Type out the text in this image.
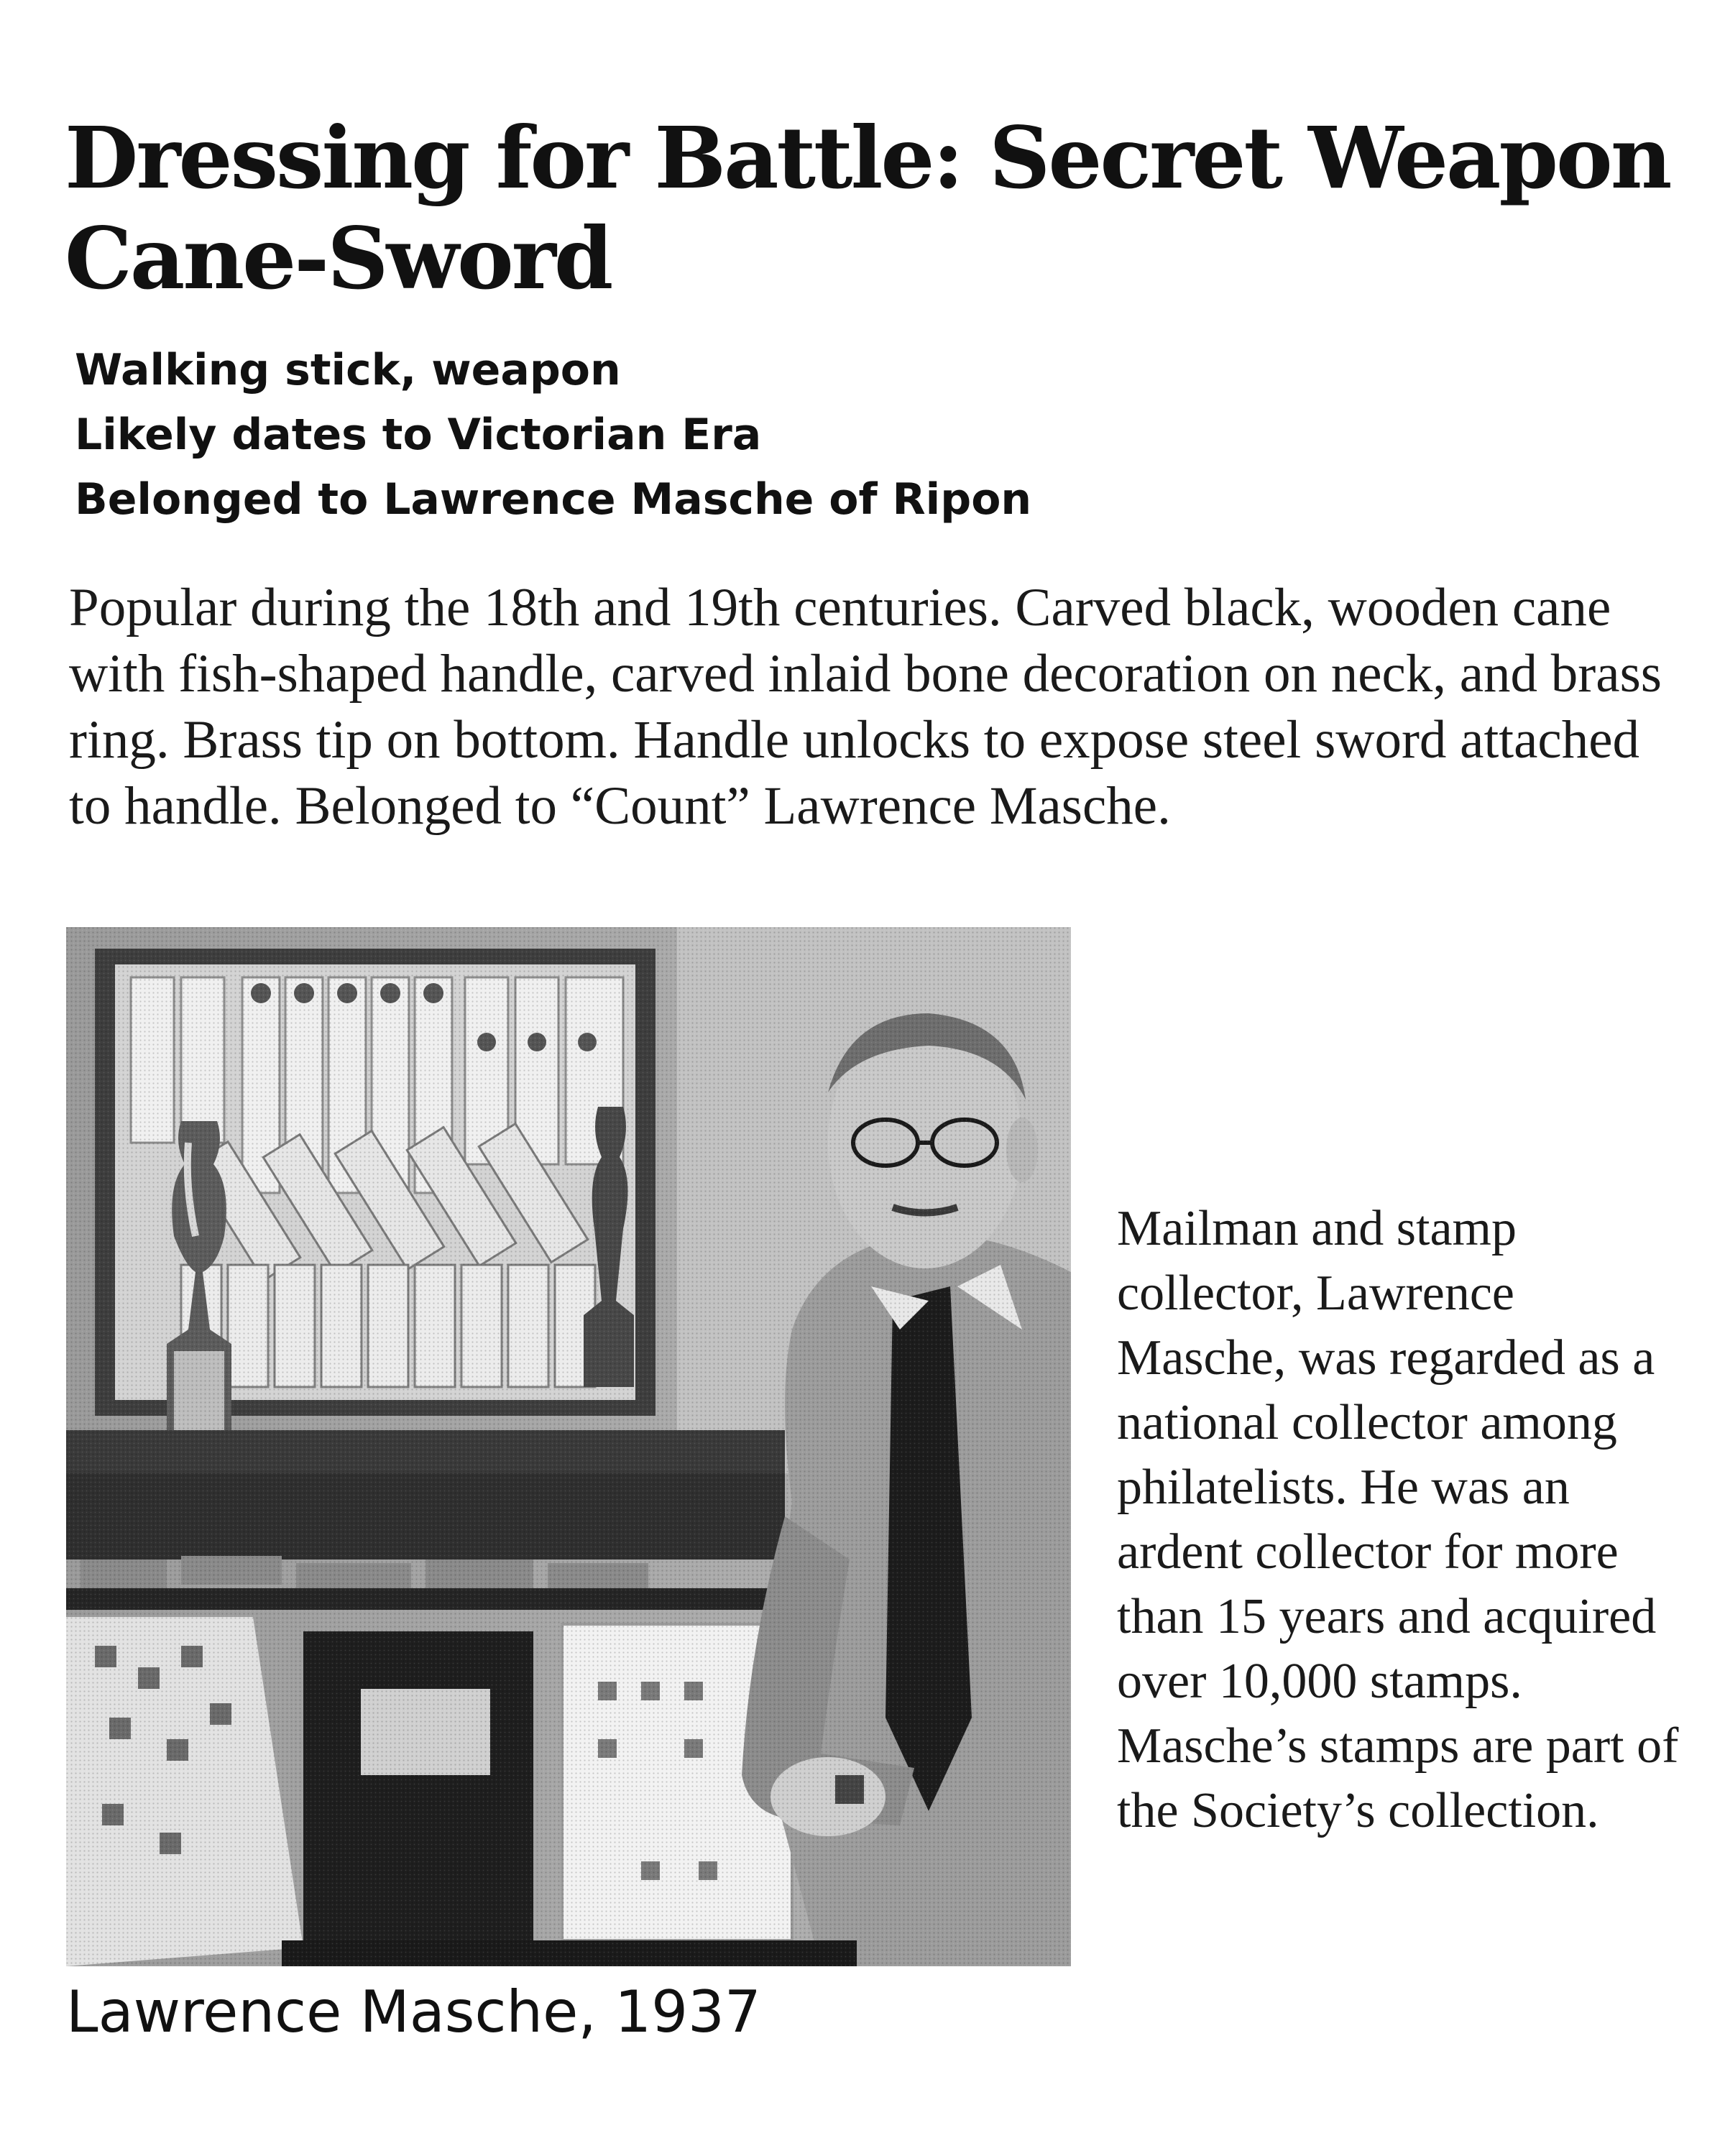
Dressing for Battle: Secret Weapon Cane-Sword
Walking stick, weapon
Likely dates to Victorian Era
Belonged to Lawrence Masche of Ripon

Popular during the 18th and 19th centuries. Carved black, wooden cane with fish-shaped handle, carved inlaid bone decoration on neck, and brass ring. Brass tip on bottom. Handle unlocks to expose steel sword attached to handle. Belonged to “Count” Lawrence Masche.

Mailman and stamp collector, Lawrence Masche, was regarded as a national collector among philatelists. He was an ardent collector for more than 15 years and acquired over 10,000 stamps. Masche’s stamps are part of the Society’s collection.

Lawrence Masche, 1937
